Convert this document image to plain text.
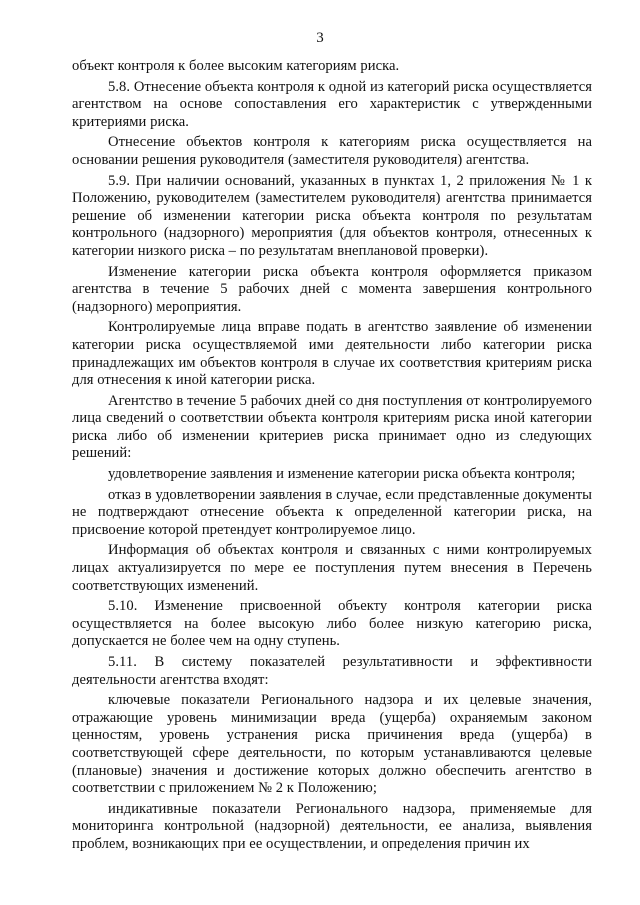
3

объект контроля к более высоким категориям риска.

5.8. Отнесение объекта контроля к одной из категорий риска осуществляется агентством на основе сопоставления его характеристик с утвержденными критериями риска.

Отнесение объектов контроля к категориям риска осуществляется на основании решения руководителя (заместителя руководителя) агентства.

5.9. При наличии оснований, указанных в пунктах 1, 2 приложения № 1 к Положению, руководителем (заместителем руководителя) агентства принимается решение об изменении категории риска объекта контроля по результатам контрольного (надзорного) мероприятия (для объектов контроля, отнесенных к категории низкого риска – по результатам внеплановой проверки).

Изменение категории риска объекта контроля оформляется приказом агентства в течение 5 рабочих дней с момента завершения контрольного (надзорного) мероприятия.

Контролируемые лица вправе подать в агентство заявление об изменении категории риска осуществляемой ими деятельности либо категории риска принадлежащих им объектов контроля в случае их соответствия критериям риска для отнесения к иной категории риска.

Агентство в течение 5 рабочих дней со дня поступления от контролируемого лица сведений о соответствии объекта контроля критериям риска иной категории риска либо об изменении критериев риска принимает одно из следующих решений:

удовлетворение заявления и изменение категории риска объекта контроля;

отказ в удовлетворении заявления в случае, если представленные документы не подтверждают отнесение объекта к определенной категории риска, на присвоение которой претендует контролируемое лицо.

Информация об объектах контроля и связанных с ними контролируемых лицах актуализируется по мере ее поступления путем внесения в Перечень соответствующих изменений.

5.10. Изменение присвоенной объекту контроля категории риска осуществляется на более высокую либо более низкую категорию риска, допускается не более чем на одну ступень.

5.11. В систему показателей результативности и эффективности деятельности агентства входят:

ключевые показатели Регионального надзора и их целевые значения, отражающие уровень минимизации вреда (ущерба) охраняемым законом ценностям, уровень устранения риска причинения вреда (ущерба) в соответствующей сфере деятельности, по которым устанавливаются целевые (плановые) значения и достижение которых должно обеспечить агентство в соответствии с приложением № 2 к Положению;

индикативные показатели Регионального надзора, применяемые для мониторинга контрольной (надзорной) деятельности, ее анализа, выявления проблем, возникающих при ее осуществлении, и определения причин их
